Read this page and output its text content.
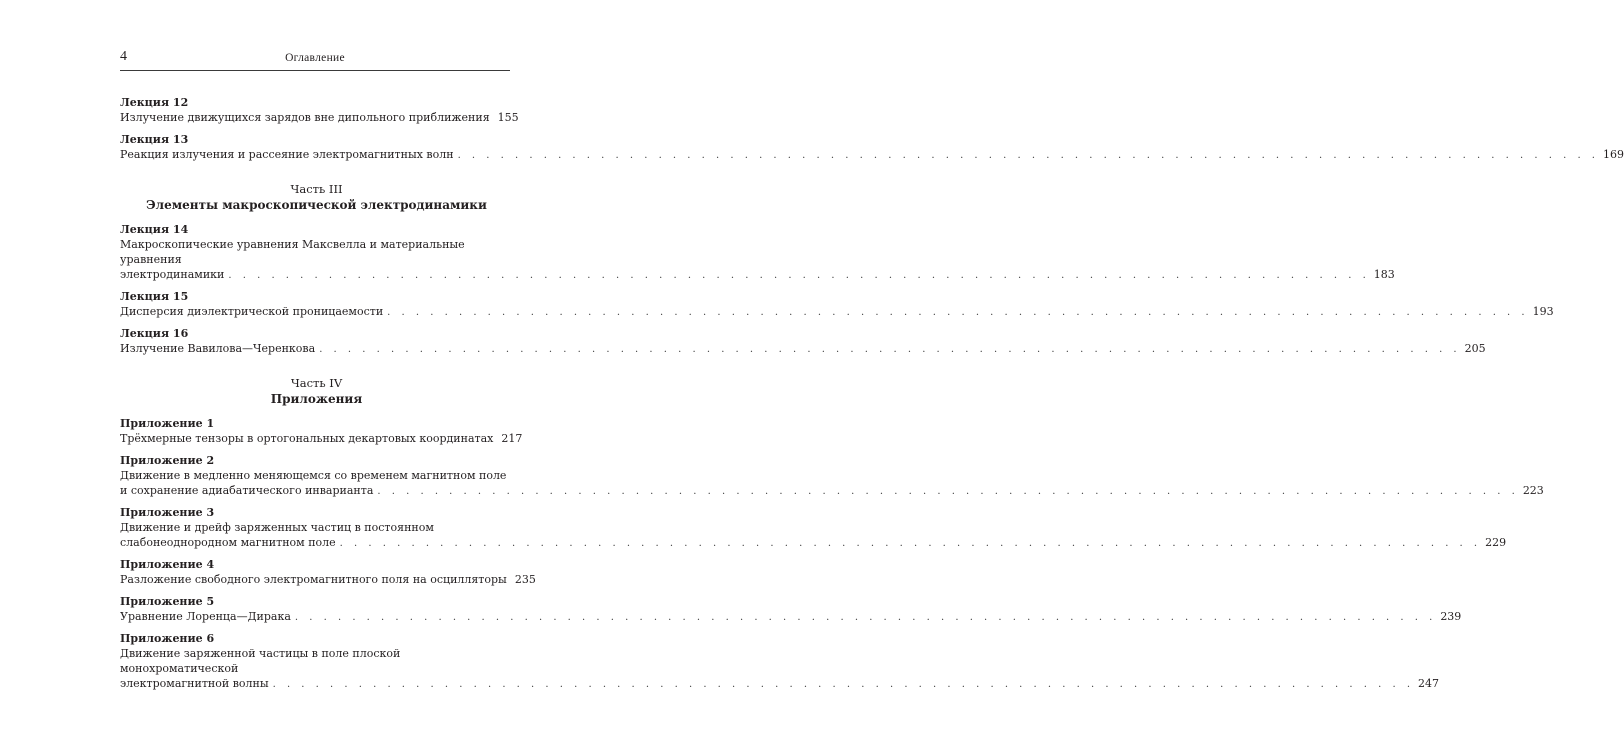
4	Оглавление
Лекция 12
Излучение движущихся зарядов вне дипольного приближения 155
Лекция 13
Реакция излучения и рассеяние электромагнитных волн . . . . . . . . . . . . . . . . . . . . . . . . . . . . . . . . . . . . . . . . . . . . . . . . . . . . . . . . . . . . . . . . . . . . . . . . . . . . . . . . 169
Часть III
Элементы макроскопической электродинамики
Лекция 14
Макроскопические уравнения Максвелла и материальные уравнения
электродинамики . . . . . . . . . . . . . . . . . . . . . . . . . . . . . . . . . . . . . . . . . . . . . . . . . . . . . . . . . . . . . . . . . . . . . . . . . . . . . . . . 183
Лекция 15
Дисперсия диэлектрической проницаемости . . . . . . . . . . . . . . . . . . . . . . . . . . . . . . . . . . . . . . . . . . . . . . . . . . . . . . . . . . . . . . . . . . . . . . . . . . . . . . . . 193
Лекция 16
Излучение Вавилова—Черенкова . . . . . . . . . . . . . . . . . . . . . . . . . . . . . . . . . . . . . . . . . . . . . . . . . . . . . . . . . . . . . . . . . . . . . . . . . . . . . . . . 205
Часть IV
Приложения
Приложение 1
Трёхмерные тензоры в ортогональных декартовых координатах 217
Приложение 2
Движение в медленно меняющемся со временем магнитном поле
и сохранение адиабатического инварианта . . . . . . . . . . . . . . . . . . . . . . . . . . . . . . . . . . . . . . . . . . . . . . . . . . . . . . . . . . . . . . . . . . . . . . . . . . . . . . . . 223
Приложение 3
Движение и дрейф заряженных частиц в постоянном
слабонеоднородном магнитном поле . . . . . . . . . . . . . . . . . . . . . . . . . . . . . . . . . . . . . . . . . . . . . . . . . . . . . . . . . . . . . . . . . . . . . . . . . . . . . . . . 229
Приложение 4
Разложение свободного электромагнитного поля на осцилляторы 235
Приложение 5
Уравнение Лоренца—Дирака . . . . . . . . . . . . . . . . . . . . . . . . . . . . . . . . . . . . . . . . . . . . . . . . . . . . . . . . . . . . . . . . . . . . . . . . . . . . . . . . 239
Приложение 6
Движение заряженной частицы в поле плоской монохроматической
электромагнитной волны . . . . . . . . . . . . . . . . . . . . . . . . . . . . . . . . . . . . . . . . . . . . . . . . . . . . . . . . . . . . . . . . . . . . . . . . . . . . . . . . 247
